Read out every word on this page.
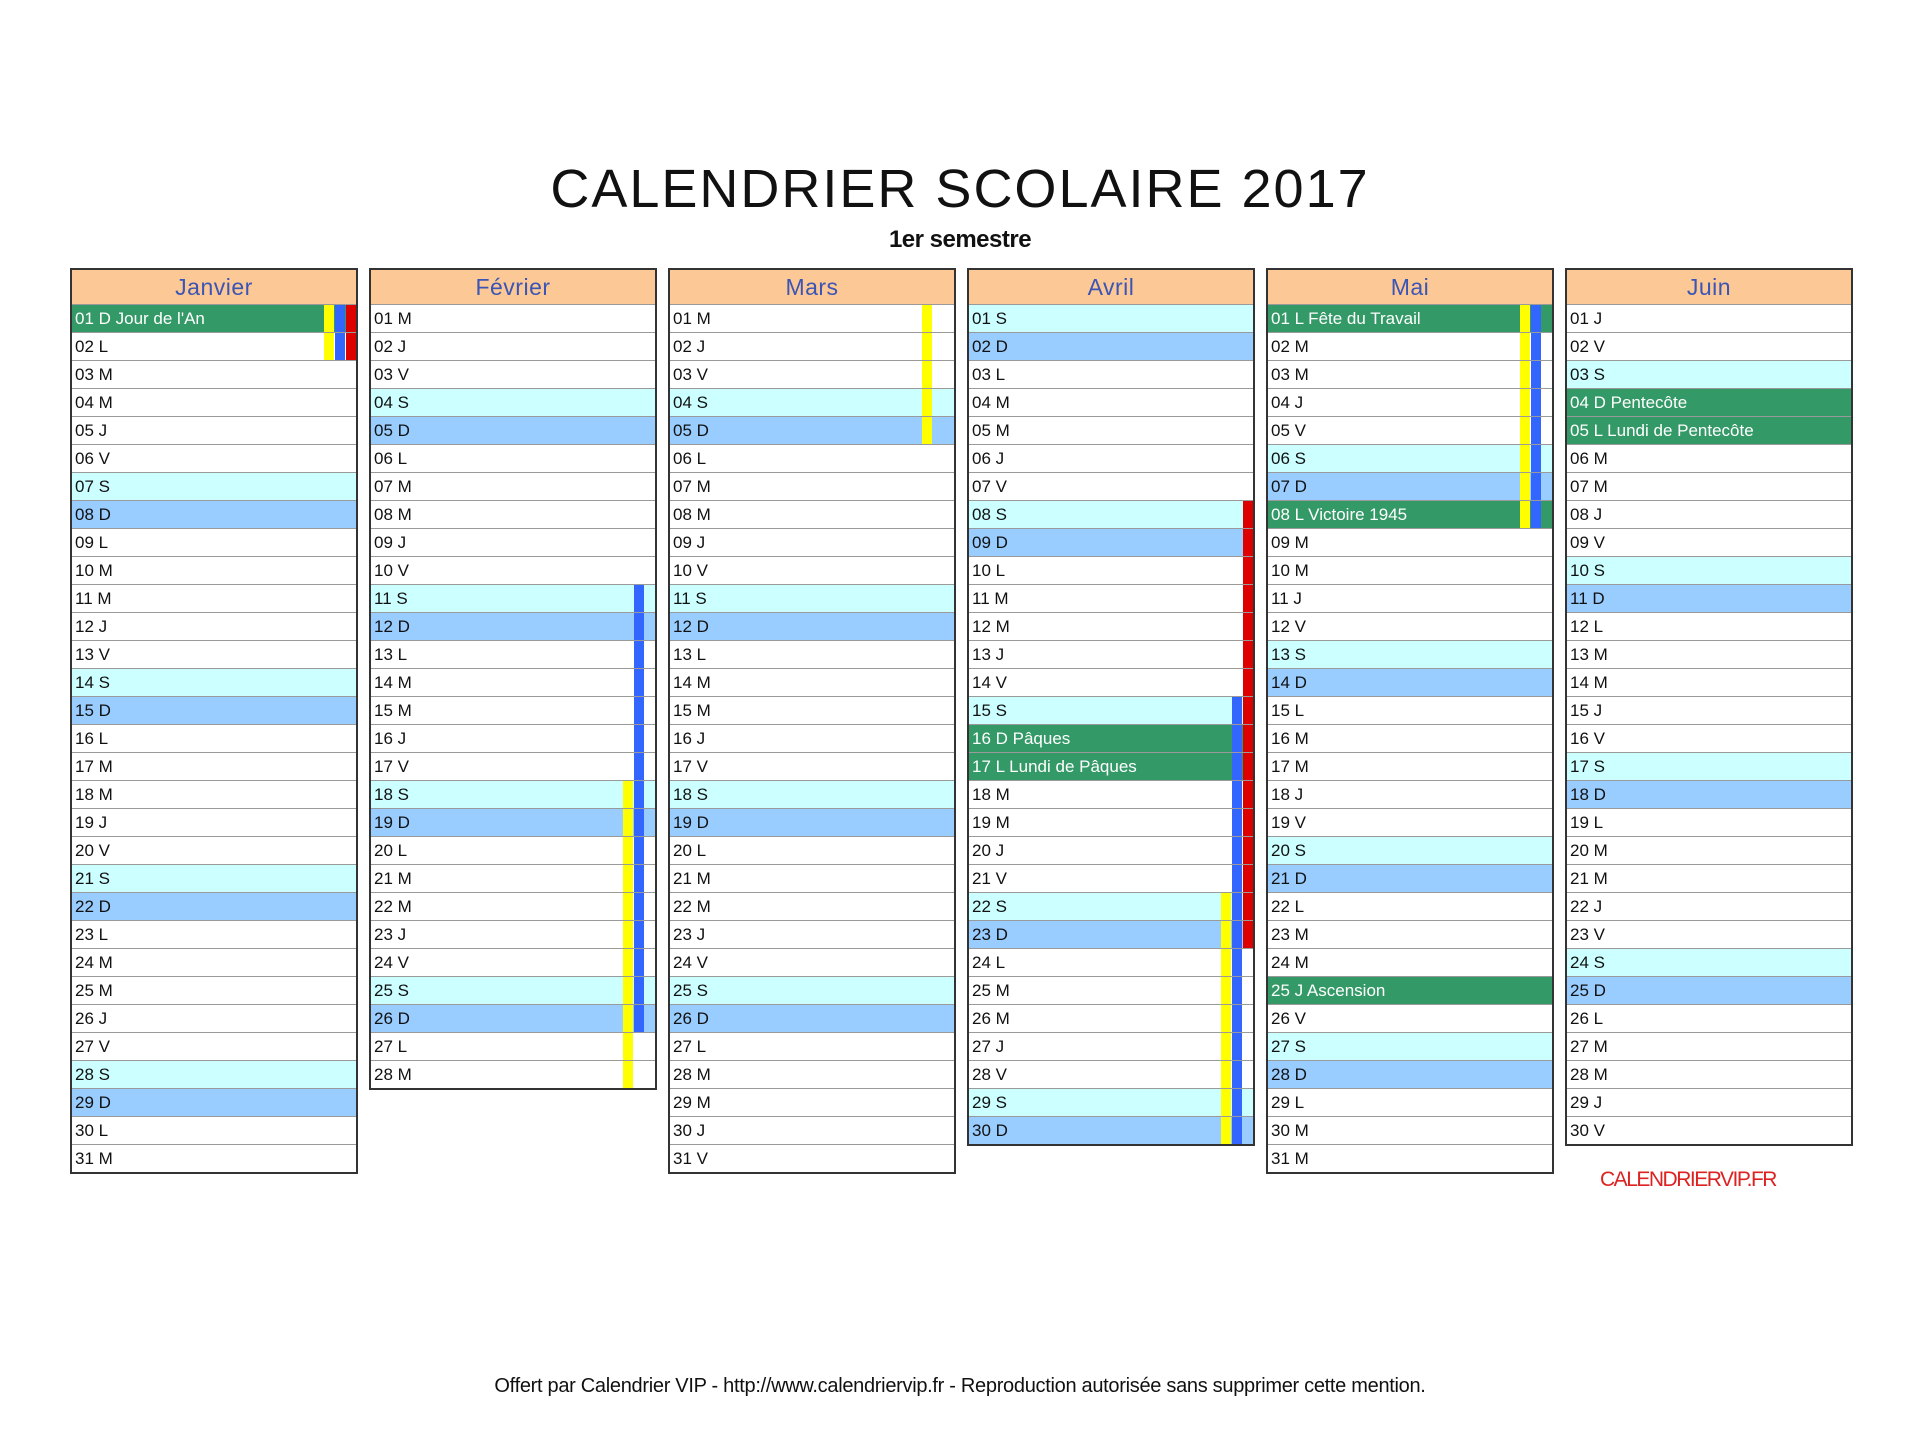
CALENDRIER SCOLAIRE 2017
1er semestre
Janvier
01 D Jour de l'An
02 L
03 M
04 M
05 J
06 V
07 S
08 D
09 L
10 M
11 M
12 J
13 V
14 S
15 D
16 L
17 M
18 M
19 J
20 V
21 S
22 D
23 L
24 M
25 M
26 J
27 V
28 S
29 D
30 L
31 M
Février
01 M
02 J
03 V
04 S
05 D
06 L
07 M
08 M
09 J
10 V
11 S
12 D
13 L
14 M
15 M
16 J
17 V
18 S
19 D
20 L
21 M
22 M
23 J
24 V
25 S
26 D
27 L
28 M
Mars
01 M
02 J
03 V
04 S
05 D
06 L
07 M
08 M
09 J
10 V
11 S
12 D
13 L
14 M
15 M
16 J
17 V
18 S
19 D
20 L
21 M
22 M
23 J
24 V
25 S
26 D
27 L
28 M
29 M
30 J
31 V
Avril
01 S
02 D
03 L
04 M
05 M
06 J
07 V
08 S
09 D
10 L
11 M
12 M
13 J
14 V
15 S
16 D Pâques
17 L Lundi de Pâques
18 M
19 M
20 J
21 V
22 S
23 D
24 L
25 M
26 M
27 J
28 V
29 S
30 D
Mai
01 L Fête du Travail
02 M
03 M
04 J
05 V
06 S
07 D
08 L Victoire 1945
09 M
10 M
11 J
12 V
13 S
14 D
15 L
16 M
17 M
18 J
19 V
20 S
21 D
22 L
23 M
24 M
25 J Ascension
26 V
27 S
28 D
29 L
30 M
31 M
Juin
01 J
02 V
03 S
04 D Pentecôte
05 L Lundi de Pentecôte
06 M
07 M
08 J
09 V
10 S
11 D
12 L
13 M
14 M
15 J
16 V
17 S
18 D
19 L
20 M
21 M
22 J
23 V
24 S
25 D
26 L
27 M
28 M
29 J
30 V
CALENDRIERVIP.FR
Offert par Calendrier VIP - http://www.calendriervip.fr - Reproduction autorisée sans supprimer cette mention.
